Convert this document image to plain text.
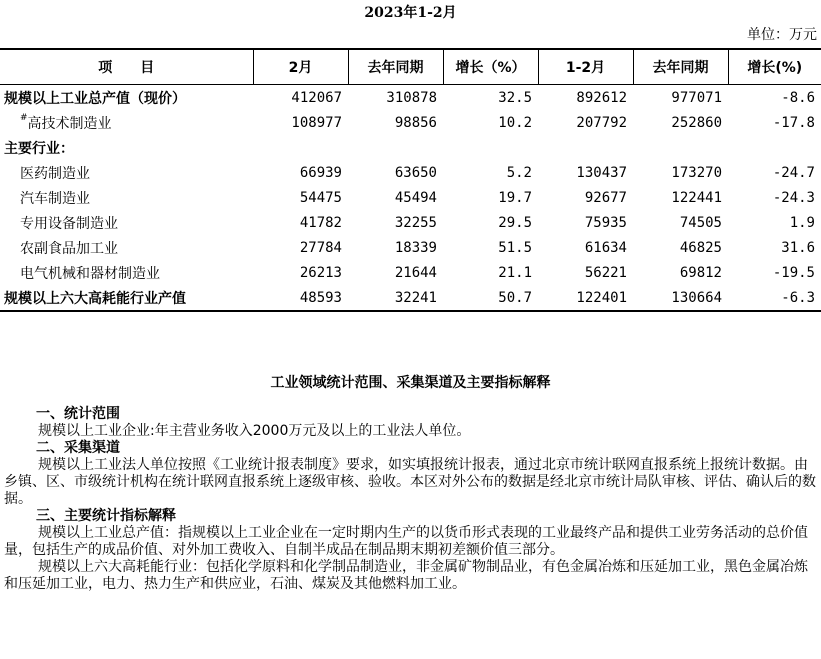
2023年1-2月
单位：万元
项　　目	2月	去年同期	增长（%）	1-2月	去年同期	增长(%)
规模以上工业总产值（现价）	412067	310878	32.5	892612	977071	-8.6
#高技术制造业	108977	98856	10.2	207792	252860	-17.8
主要行业：						
医药制造业	66939	63650	5.2	130437	173270	-24.7
汽车制造业	54475	45494	19.7	92677	122441	-24.3
专用设备制造业	41782	32255	29.5	75935	74505	1.9
农副食品加工业	27784	18339	51.5	61634	46825	31.6
电气机械和器材制造业	26213	21644	21.1	56221	69812	-19.5
规模以上六大高耗能行业产值	48593	32241	50.7	122401	130664	-6.3
工业领域统计范围、采集渠道及主要指标解释
一、统计范围
规模以上工业企业:年主营业务收入2000万元及以上的工业法人单位。
二、采集渠道
规模以上工业法人单位按照《工业统计报表制度》要求，如实填报统计报表，通过北京市统计联网直报系统上报统计数据。由乡镇、区、市级统计机构在统计联网直报系统上逐级审核、验收。本区对外公布的数据是经北京市统计局队审核、评估、确认后的数据。
三、主要统计指标解释
规模以上工业总产值：指规模以上工业企业在一定时期内生产的以货币形式表现的工业最终产品和提供工业劳务活动的总价值量，包括生产的成品价值、对外加工费收入、自制半成品在制品期末期初差额价值三部分。
规模以上六大高耗能行业：包括化学原料和化学制品制造业，非金属矿物制品业，有色金属冶炼和压延加工业，黑色金属冶炼和压延加工业，电力、热力生产和供应业，石油、煤炭及其他燃料加工业。
